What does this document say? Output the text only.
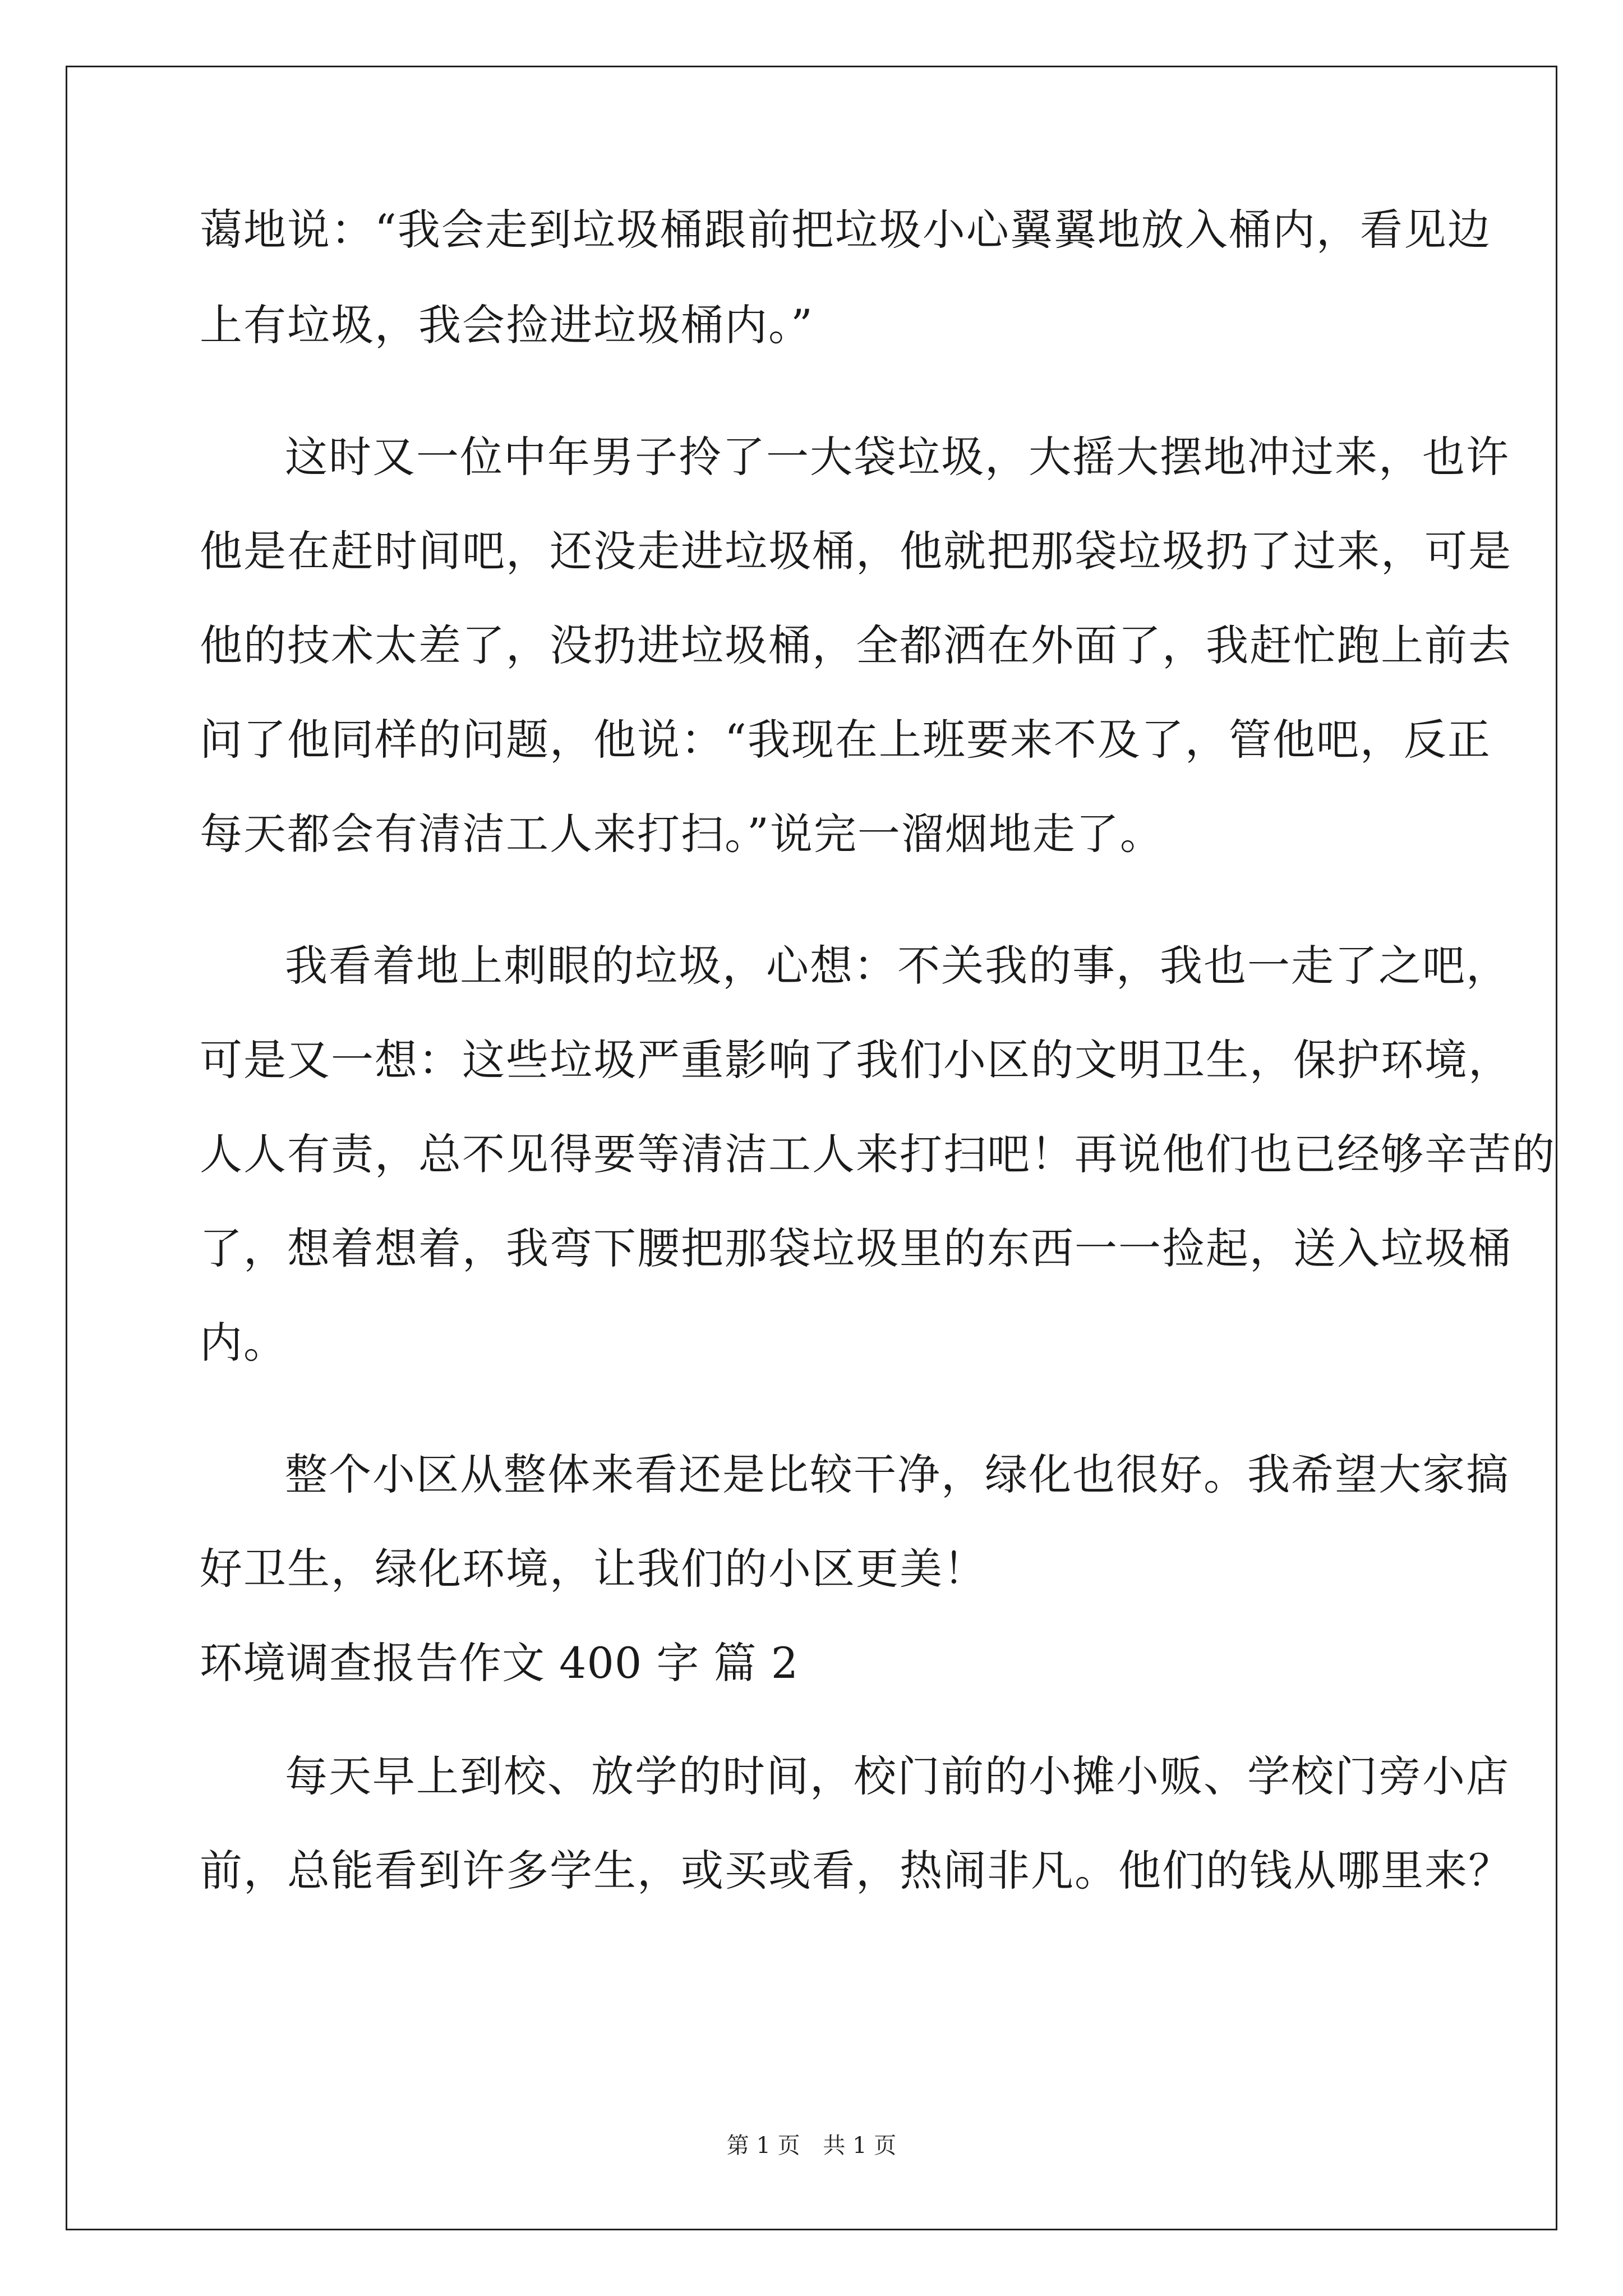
蔼地说：“我会走到垃圾桶跟前把垃圾小心翼翼地放入桶内，看见边
上有垃圾，我会捡进垃圾桶内。”
这时又一位中年男子拎了一大袋垃圾，大摇大摆地冲过来，也许
他是在赶时间吧，还没走进垃圾桶，他就把那袋垃圾扔了过来，可是
他的技术太差了，没扔进垃圾桶，全都洒在外面了，我赶忙跑上前去
问了他同样的问题，他说：“我现在上班要来不及了，管他吧，反正
每天都会有清洁工人来打扫。”说完一溜烟地走了。
我看着地上刺眼的垃圾，心想：不关我的事，我也一走了之吧，
可是又一想：这些垃圾严重影响了我们小区的文明卫生，保护环境，
人人有责，总不见得要等清洁工人来打扫吧！再说他们也已经够辛苦的
了，想着想着，我弯下腰把那袋垃圾里的东西一一捡起，送入垃圾桶
内。
整个小区从整体来看还是比较干净，绿化也很好。我希望大家搞
好卫生，绿化环境，让我们的小区更美！
环境调查报告作文 400 字 篇 2
每天早上到校、放学的时间，校门前的小摊小贩、学校门旁小店
前，总能看到许多学生，或买或看，热闹非凡。他们的钱从哪里来？
第 1 页 共 1 页
